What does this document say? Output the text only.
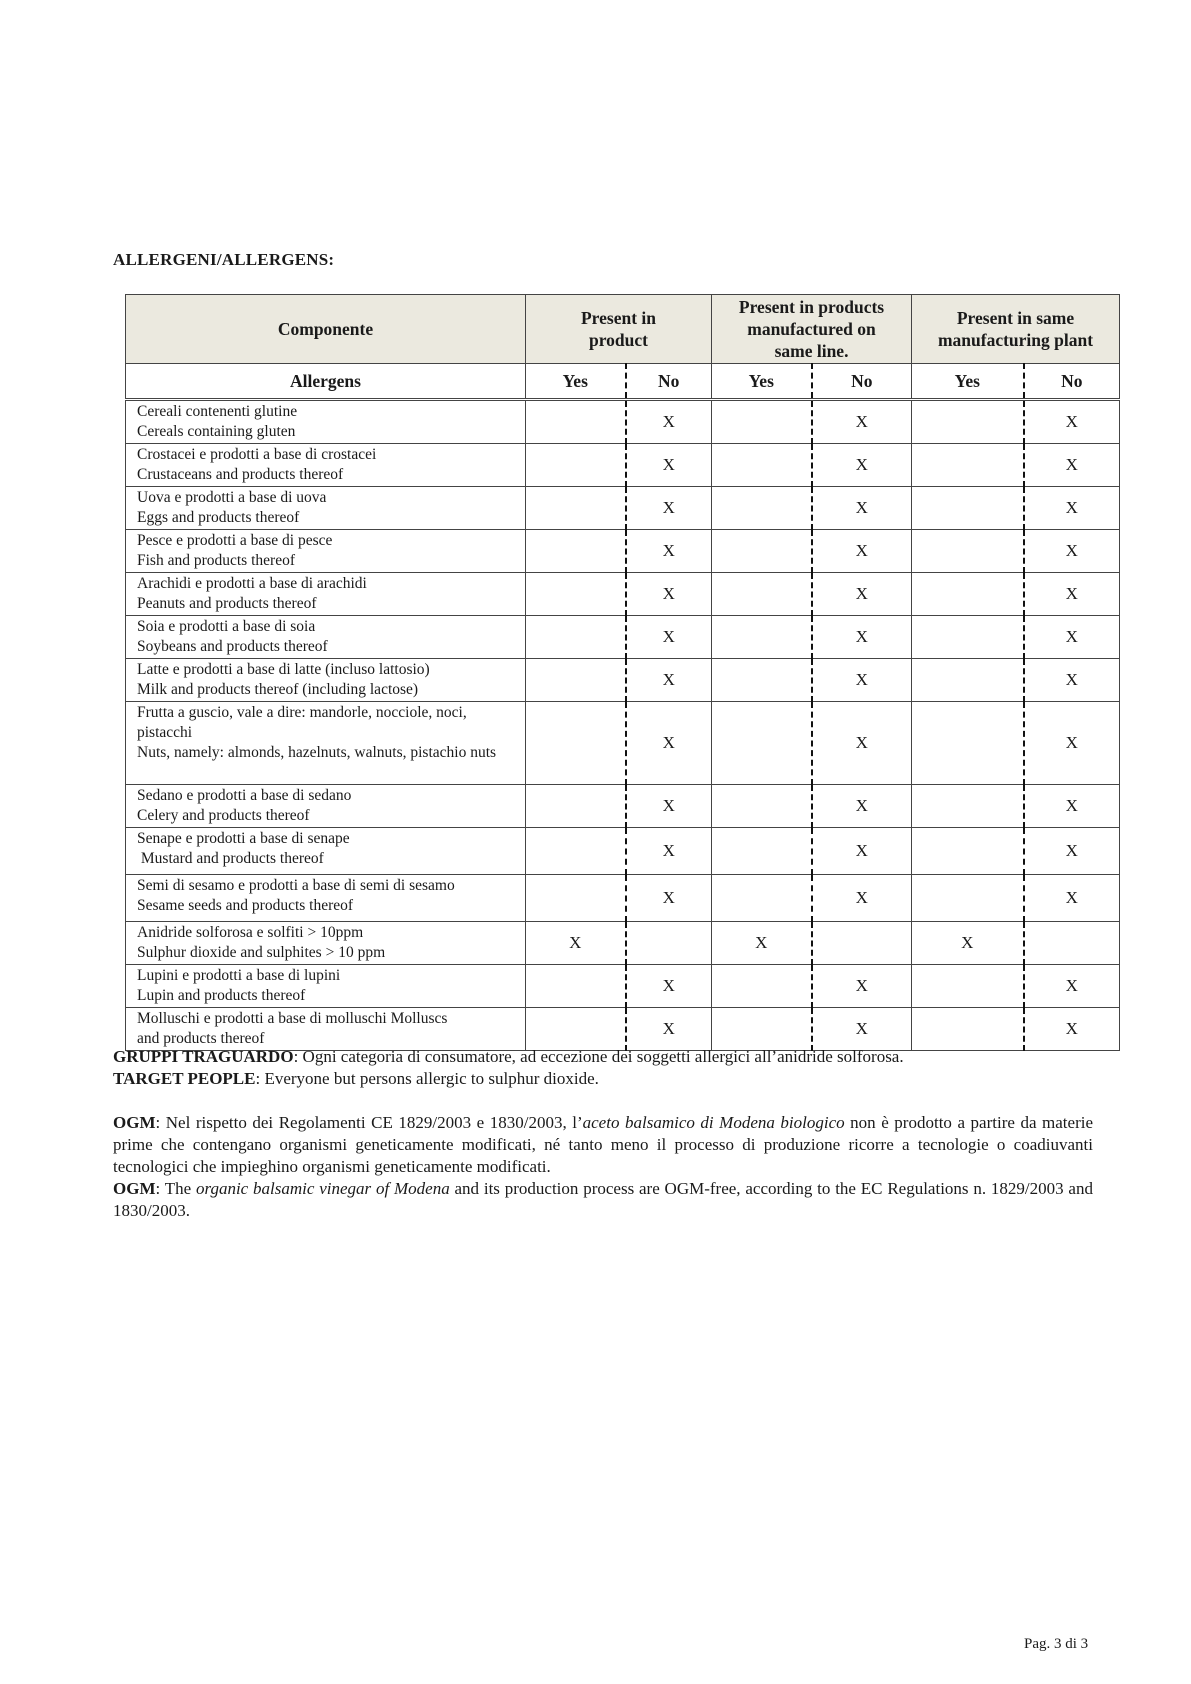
ALLERGENI/ALLERGENS:
Componente	
Present in
product

Present in products
manufactured on
same line.

Present in same
manufacturing plant

Allergens	Yes	No	Yes	No	Yes	No

Cereali contenenti glutine
Cereals containing gluten		X		X		X

Crostacei e prodotti a base di crostacei
Crustaceans and products thereof		X		X		X

Uova e prodotti a base di uova
Eggs and products thereof		X		X		X

Pesce e prodotti a base di pesce
Fish and products thereof		X		X		X

Arachidi e prodotti a base di arachidi
Peanuts and products thereof		X		X		X

Soia e prodotti a base di soia
Soybeans and products thereof		X		X		X

Latte e prodotti a base di latte (incluso lattosio)
Milk and products thereof (including lactose)		X		X		X

Frutta a guscio, vale a dire: mandorle, nocciole, noci, pistacchi
Nuts, namely: almonds, hazelnuts, walnuts, pistachio nuts		X		X		X

Sedano e prodotti a base di sedano
Celery and products thereof		X		X		X

Senape e prodotti a base di senape
Mustard and products thereof		X		X		X

Semi di sesamo e prodotti a base di semi di sesamo
Sesame seeds and products thereof		X		X		X

Anidride solforosa e solfiti > 10ppm
Sulphur dioxide and sulphites > 10 ppm	X		X		X	

Lupini e prodotti a base di lupini
Lupin and products thereof		X		X		X

Molluschi e prodotti a base di molluschi Molluscs
and products thereof		X		X		X
GRUPPI TRAGUARDO: Ogni categoria di consumatore, ad eccezione dei soggetti allergici all’anidride solforosa.
TARGET PEOPLE: Everyone but persons allergic to sulphur dioxide.
OGM: Nel rispetto dei Regolamenti CE 1829/2003 e 1830/2003, l’aceto balsamico di Modena biologico non è prodotto a partire da materie prime che contengano organismi geneticamente modificati, né tanto meno il processo di produzione ricorre a tecnologie o coadiuvanti tecnologici che impieghino organismi geneticamente modificati.
OGM: The organic balsamic vinegar of Modena and its production process are OGM-free, according to the EC Regulations n. 1829/2003 and 1830/2003.
Pag. 3 di 3
